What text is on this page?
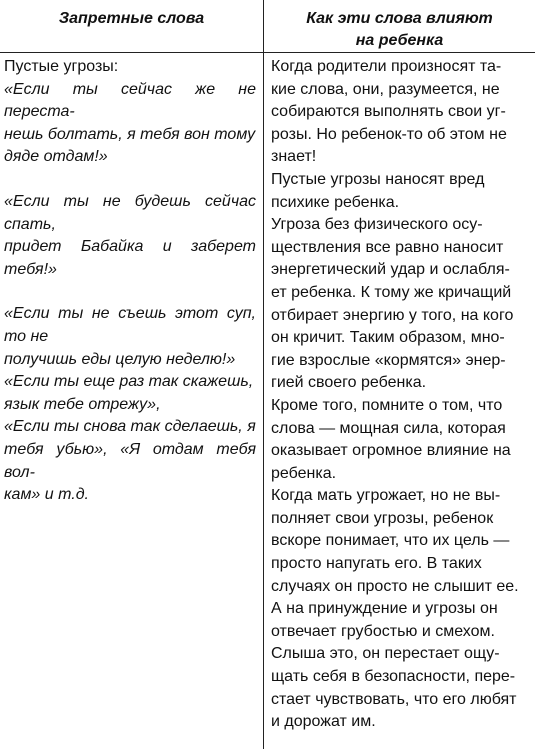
Запретные слова	Как эти слова влияют
на ребенка
Пустые угрозы:
«Если ты сейчас же не переста-
нешь болтать, я тебя вон тому
дяде отдам!»
«Если ты не будешь сейчас спать,
придет Бабайка и заберет тебя!»
«Если ты не съешь этот суп, то не
получишь еды целую неделю!»
«Если ты еще раз так скажешь,
язык тебе отрежу»,
«Если ты снова так сделаешь, я
тебя убью», «Я отдам тебя вол-
кам» и т.д.
Когда родители произносят та-
кие слова, они, разумеется, не
собираются выполнять свои уг-
розы. Но ребенок-то об этом не
знает!
Пустые угрозы наносят вред
психике ребенка.
Угроза без физического осу-
ществления все равно наносит
энергетический удар и ослабля-
ет ребенка. К тому же кричащий
отбирает энергию у того, на кого
он кричит. Таким образом, мно-
гие взрослые «кормятся» энер-
гией своего ребенка.
Кроме того, помните о том, что
слова — мощная сила, которая
оказывает огромное влияние на
ребенка.
Когда мать угрожает, но не вы-
полняет свои угрозы, ребенок
вскоре понимает, что их цель —
просто напугать его. В таких
случаях он просто не слышит ее.
А на принуждение и угрозы он
отвечает грубостью и смехом.
Слыша это, он перестает ощу-
щать себя в безопасности, пере-
стает чувствовать, что его любят
и дорожат им.
